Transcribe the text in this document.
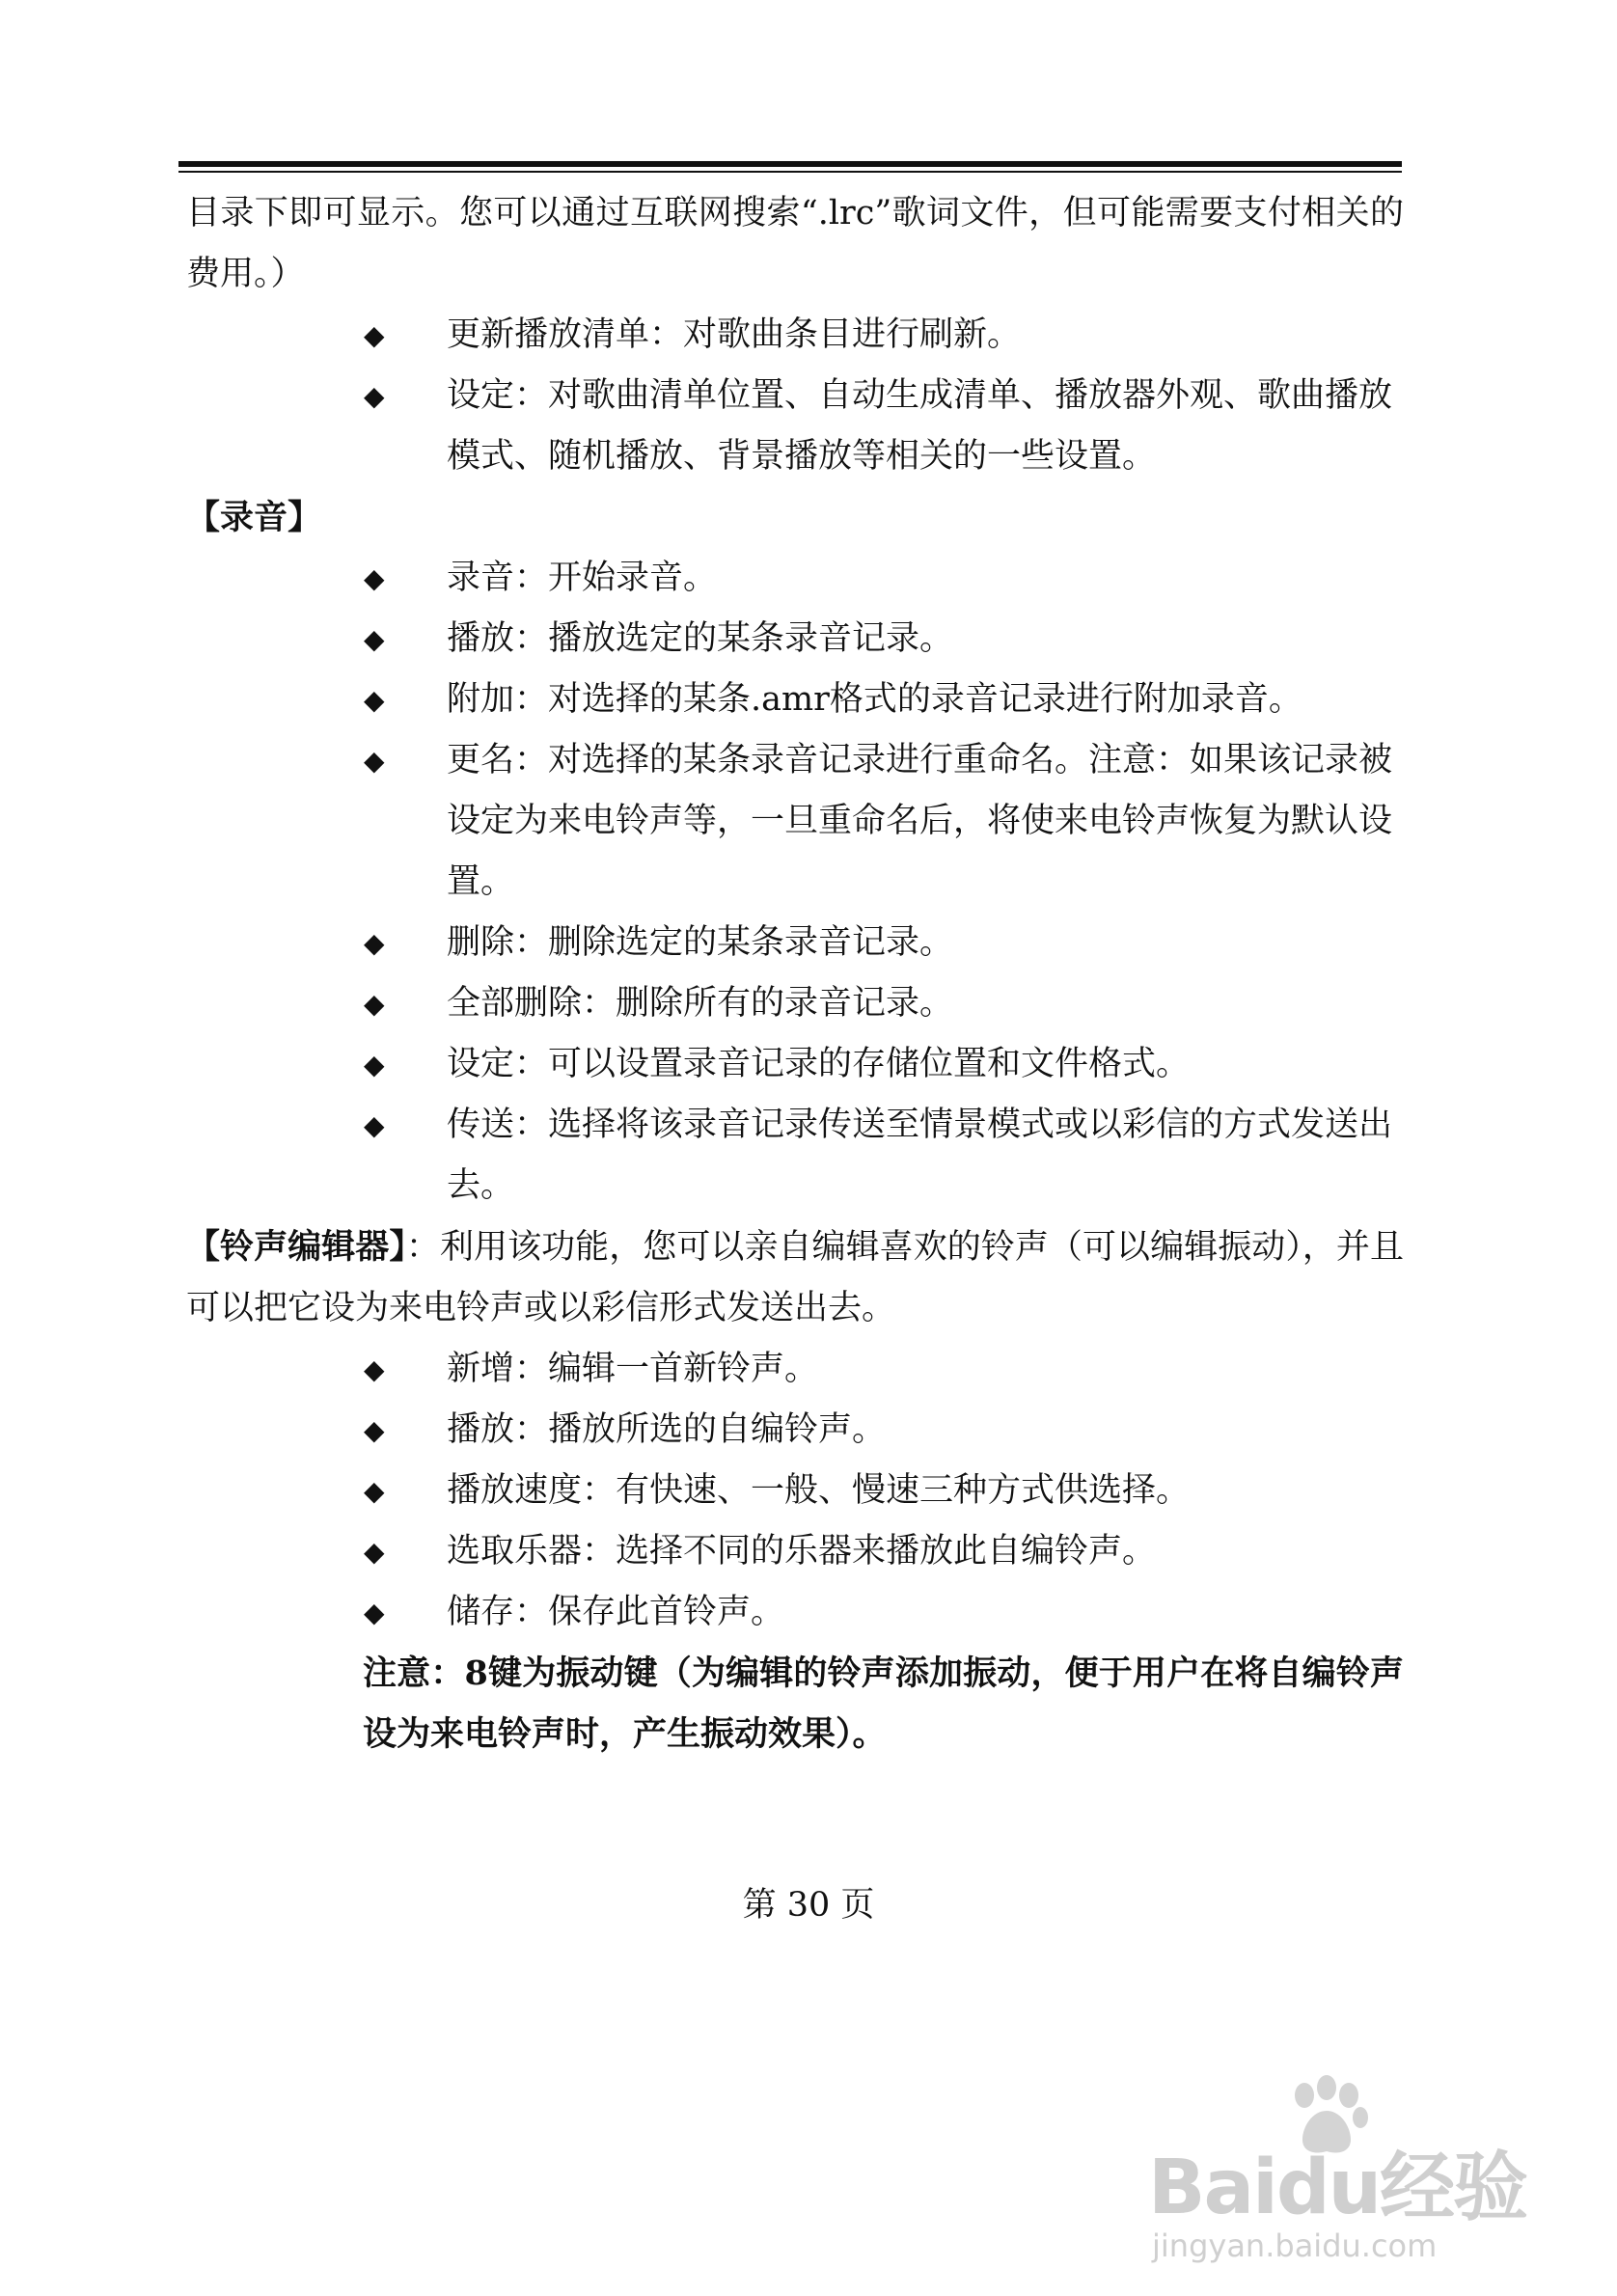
目录下即可显示。您可以通过互联网搜索“.lrc”歌词文件，但可能需要支付相关的费用。）

◆ 更新播放清单：对歌曲条目进行刷新。
◆ 设定：对歌曲清单位置、自动生成清单、播放器外观、歌曲播放模式、随机播放、背景播放等相关的一些设置。

【录音】

◆ 录音：开始录音。
◆ 播放：播放选定的某条录音记录。
◆ 附加：对选择的某条.amr格式的录音记录进行附加录音。
◆ 更名：对选择的某条录音记录进行重命名。注意：如果该记录被设定为来电铃声等，一旦重命名后，将使来电铃声恢复为默认设置。
◆ 删除：删除选定的某条录音记录。
◆ 全部删除：删除所有的录音记录。
◆ 设定：可以设置录音记录的存储位置和文件格式。
◆ 传送：选择将该录音记录传送至情景模式或以彩信的方式发送出去。

【铃声编辑器】：利用该功能，您可以亲自编辑喜欢的铃声（可以编辑振动），并且可以把它设为来电铃声或以彩信形式发送出去。

◆ 新增：编辑一首新铃声。
◆ 播放：播放所选的自编铃声。
◆ 播放速度：有快速、一般、慢速三种方式供选择。
◆ 选取乐器：选择不同的乐器来播放此自编铃声。
◆ 储存：保存此首铃声。

注意：8键为振动键（为编辑的铃声添加振动，便于用户在将自编铃声设为来电铃声时，产生振动效果）。

第 30 页
Baidu经验
jingyan.baidu.com
